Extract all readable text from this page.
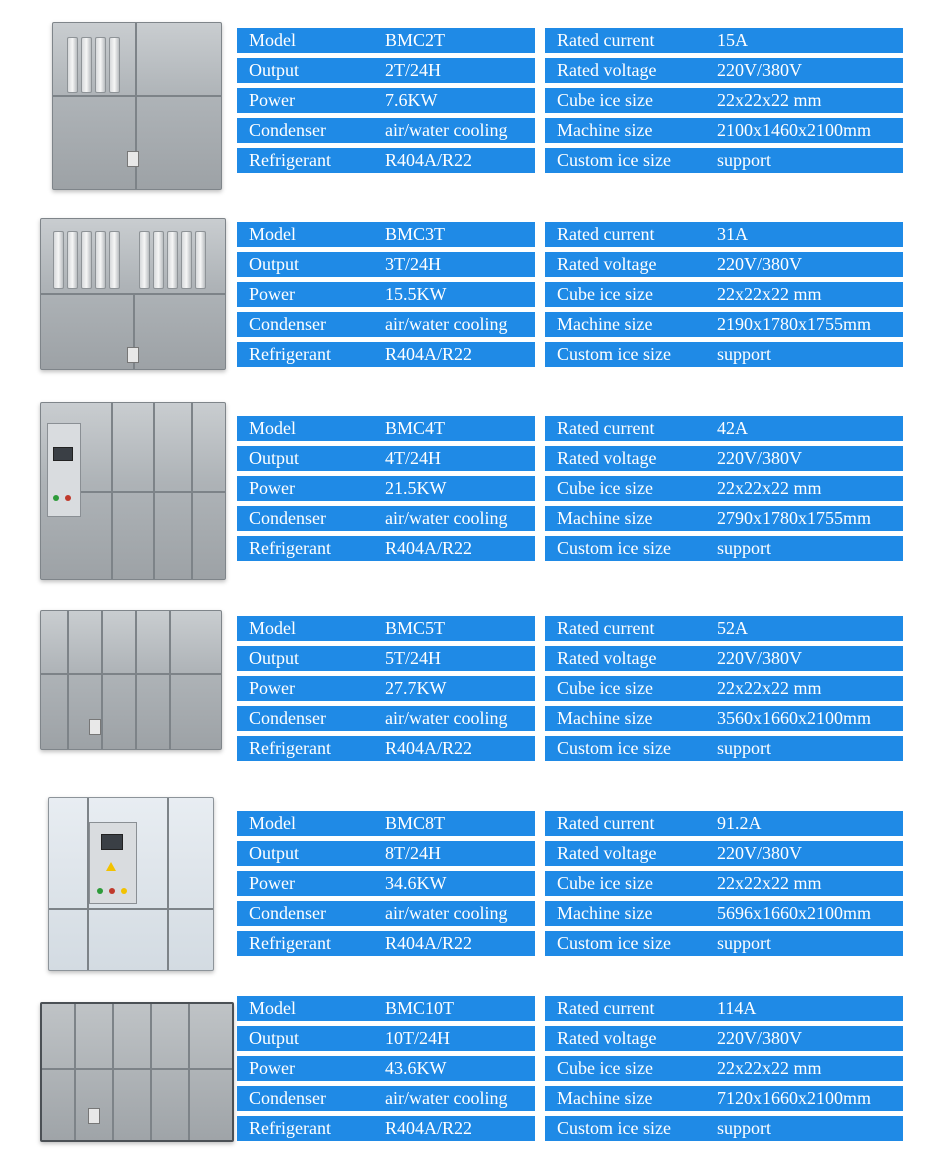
Model	BMC2T
Output	2T/24H
Power	7.6KW
Condenser	air/water cooling
Refrigerant	R404A/R22
Rated current	15A
Rated voltage	220V/380V
Cube ice size	22x22x22 mm
Machine size	2100x1460x2100mm
Custom ice size	support
Model	BMC3T
Output	3T/24H
Power	15.5KW
Condenser	air/water cooling
Refrigerant	R404A/R22
Rated current	31A
Rated voltage	220V/380V
Cube ice size	22x22x22 mm
Machine size	2190x1780x1755mm
Custom ice size	support
Model	BMC4T
Output	4T/24H
Power	21.5KW
Condenser	air/water cooling
Refrigerant	R404A/R22
Rated current	42A
Rated voltage	220V/380V
Cube ice size	22x22x22 mm
Machine size	2790x1780x1755mm
Custom ice size	support
Model	BMC5T
Output	5T/24H
Power	27.7KW
Condenser	air/water cooling
Refrigerant	R404A/R22
Rated current	52A
Rated voltage	220V/380V
Cube ice size	22x22x22 mm
Machine size	3560x1660x2100mm
Custom ice size	support
Model	BMC8T
Output	8T/24H
Power	34.6KW
Condenser	air/water cooling
Refrigerant	R404A/R22
Rated current	91.2A
Rated voltage	220V/380V
Cube ice size	22x22x22 mm
Machine size	5696x1660x2100mm
Custom ice size	support
Model	BMC10T
Output	10T/24H
Power	43.6KW
Condenser	air/water cooling
Refrigerant	R404A/R22
Rated current	114A
Rated voltage	220V/380V
Cube ice size	22x22x22 mm
Machine size	7120x1660x2100mm
Custom ice size	support
